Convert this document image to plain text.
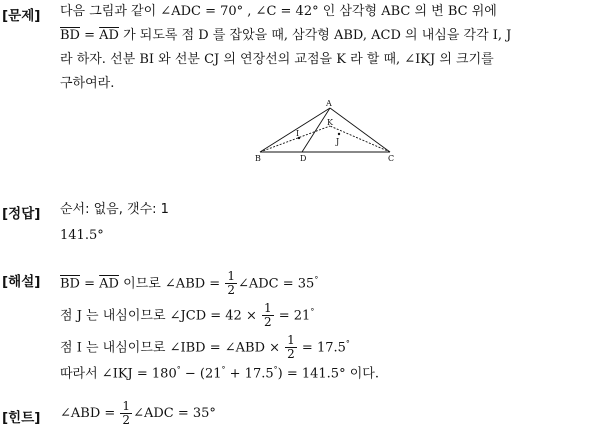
[문제] 다음 그림과 같이 ∠ADC = 70° , ∠C = 42° 인 삼각형 ABC 의 변 BC 위에
$\overline{BD} = \overline{AD}$ 가 되도록 점 D 를 잡았을 때, 삼각형 ABD, ACD 의 내심을 각각 I, J
라 하자. 선분 BI 와 선분 CJ 의 연장선의 교점을 K 라 할 때, ∠IKJ 의 크기를
구하여라.
A
K
I
J
B	D	C
[정답] 순서: 없음, 갯수: 1
141.5°
[해설] $\overline{BD} = \overline{AD}$ 이므로 ∠ABD = $\frac{1}{2}$ ∠ADC = 35°
점 J 는 내심이므로 ∠JCD = $42 \times \frac{1}{2} = 21^\circ$
점 I 는 내심이므로 ∠IBD = ∠ABD × $\frac{1}{2} = 17.5^\circ$
따라서 ∠IKJ = 180° − (21° + 17.5°) = 141.5° 이다.
[힌트] ∠ABD = $\frac{1}{2}$ ∠ADC = 35°
